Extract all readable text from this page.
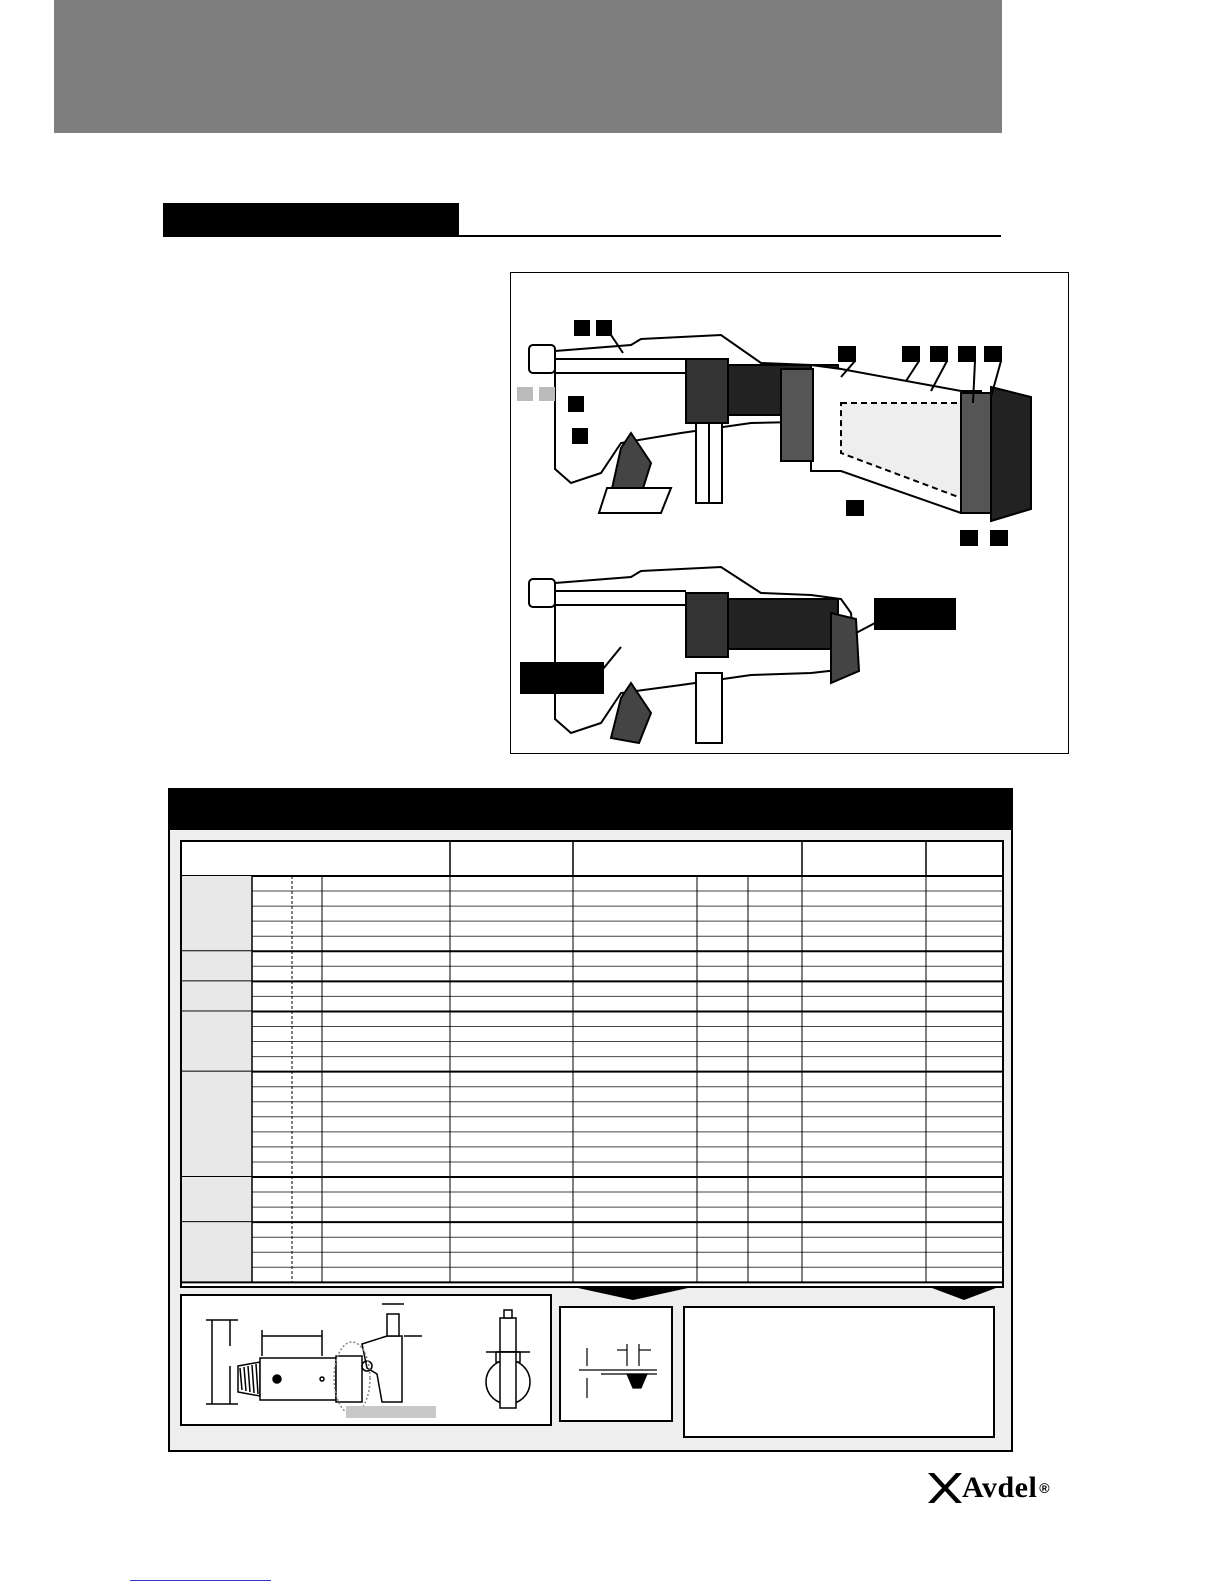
Avdel ®
